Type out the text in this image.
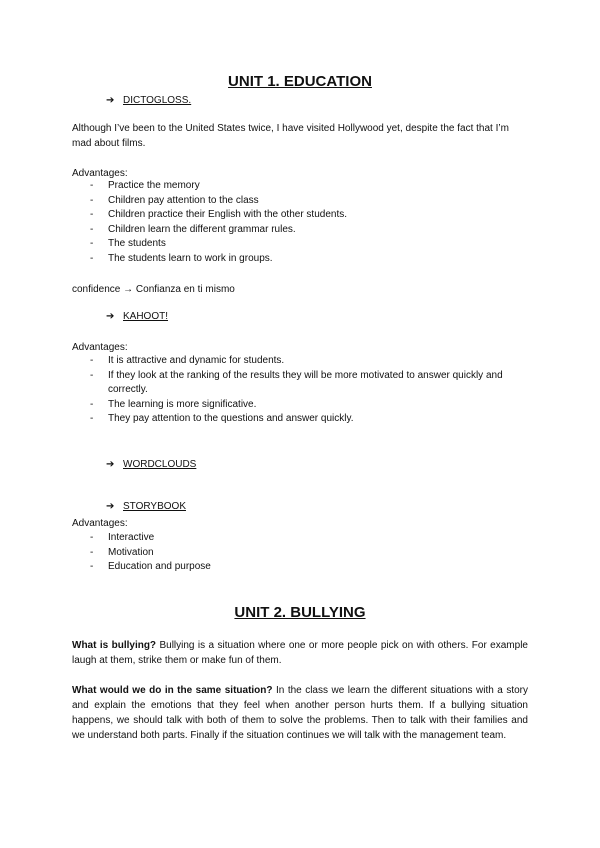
UNIT 1. EDUCATION
➔ DICTOGLOSS.
Although I’ve been to the United States twice, I have visited Hollywood yet, despite the fact that I’m mad about films.
Advantages:
- Practice the memory
- Children pay attention to the class
- Children practice their English with the other students.
- Children learn the different grammar rules.
- The students
- The students learn to work in groups.
confidence → Confianza en ti mismo
➔ KAHOOT!
Advantages:
- It is attractive and dynamic for students.
- If they look at the ranking of the results they will be more motivated to answer quickly and correctly.
- The learning is more significative.
- They pay attention to the questions and answer quickly.
➔ WORDCLOUDS
➔ STORYBOOK
Advantages:
- Interactive
- Motivation
- Education and purpose
UNIT 2. BULLYING
What is bullying? Bullying is a situation where one or more people pick on with others. For example laugh at them, strike them or make fun of them.
What would we do in the same situation? In the class we learn the different situations with a story and explain the emotions that they feel when another person hurts them. If a bullying situation happens, we should talk with both of them to solve the problems. Then to talk with their families and we understand both parts. Finally if the situation continues we will talk with the management team.
